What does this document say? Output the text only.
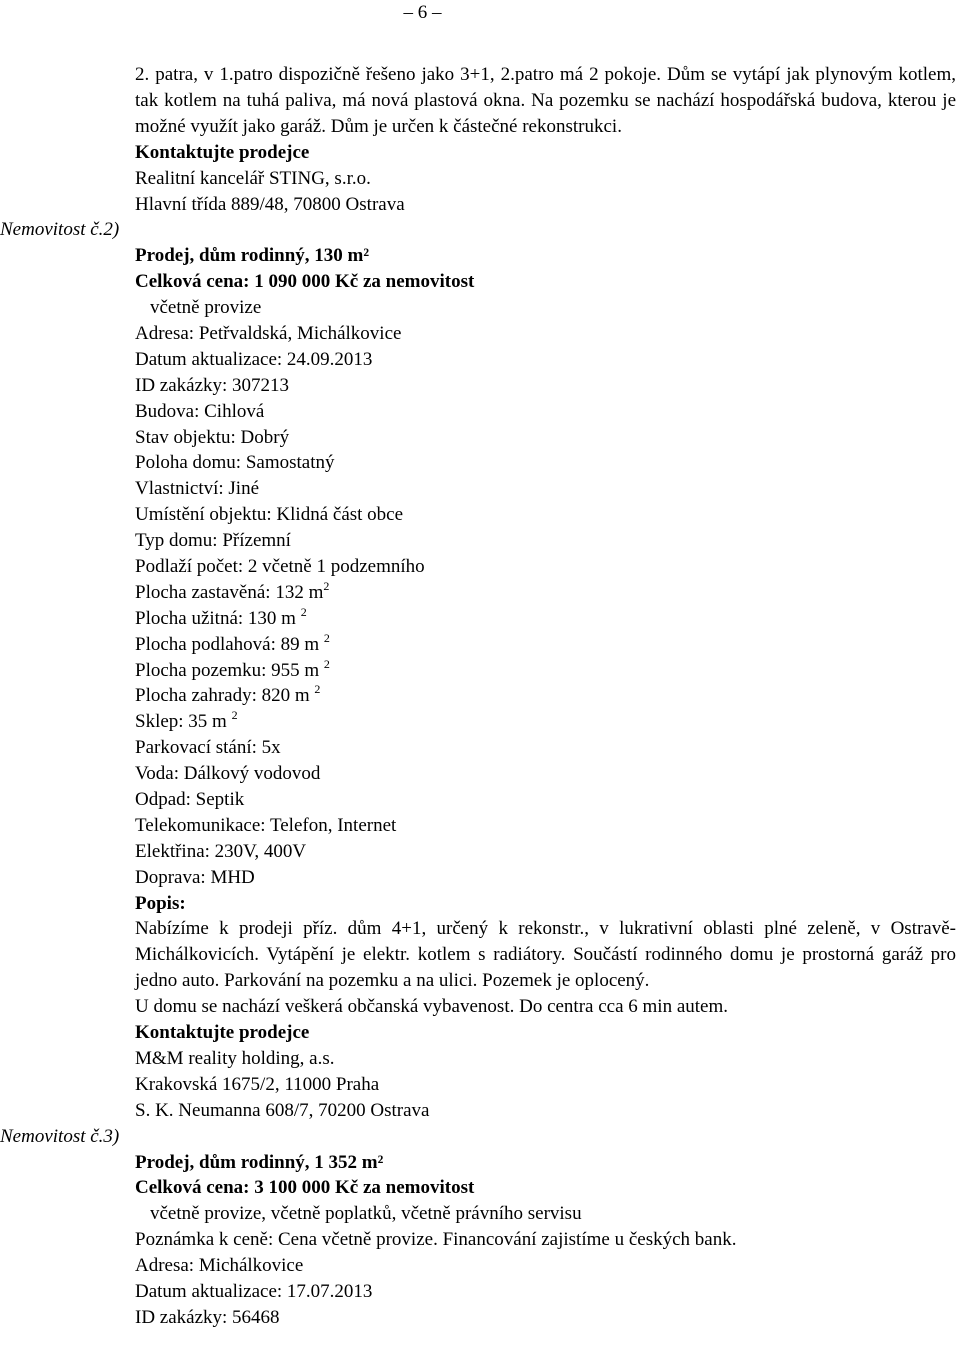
– 6 –

2. patra, v 1.patro dispozičně řešeno jako 3+1, 2.patro má 2 pokoje. Dům se vytápí jak plynovým kotlem, tak kotlem na tuhá paliva, má nová plastová okna. Na pozemku se nachází hospodářská budova, kterou je možné využít jako garáž. Dům je určen k částečné rekonstrukci.

Kontaktujte prodejce
Realitní kancelář STING, s.r.o.
Hlavní třída 889/48, 70800 Ostrava
Nemovitost č.2)
Prodej, dům rodinný, 130 m²
Celková cena: 1 090 000 Kč za nemovitost
včetně provize
Adresa: Petřvaldská, Michálkovice
Datum aktualizace: 24.09.2013
ID zakázky: 307213
Budova: Cihlová
Stav objektu: Dobrý
Poloha domu: Samostatný
Vlastnictví: Jiné
Umístění objektu: Klidná část obce
Typ domu: Přízemní
Podlaží počet: 2 včetně 1 podzemního
Plocha zastavěná: 132 $m^2$
Plocha užitná: 130 m $^2$
Plocha podlahová: 89 m $^2$
Plocha pozemku: 955 m $^2$
Plocha zahrady: 820 m $^2$
Sklep: 35 m $^2$
Parkovací stání: 5x
Voda: Dálkový vodovod
Odpad: Septik
Telekomunikace: Telefon, Internet
Elektřina: 230V, 400V
Doprava: MHD
Popis:

Nabízíme k prodeji příz. dům 4+1, určený k rekonstr., v lukrativní oblasti plné zeleně, v Ostravě-Michálkovicích. Vytápění je elektr. kotlem s radiátory. Součástí rodinného domu je prostorná garáž pro jedno auto. Parkování na pozemku a na ulici. Pozemek je oplocený.

U domu se nachází veškerá občanská vybavenost. Do centra cca 6 min autem.
Kontaktujte prodejce
M&M reality holding, a.s.
Krakovská 1675/2, 11000 Praha
S. K. Neumanna 608/7, 70200 Ostrava
Nemovitost č.3)
Prodej, dům rodinný, 1 352 m²
Celková cena: 3 100 000 Kč za nemovitost
včetně provize, včetně poplatků, včetně právního servisu
Poznámka k ceně: Cena včetně provize. Financování zajistíme u českých bank.
Adresa: Michálkovice
Datum aktualizace: 17.07.2013
ID zakázky: 56468
